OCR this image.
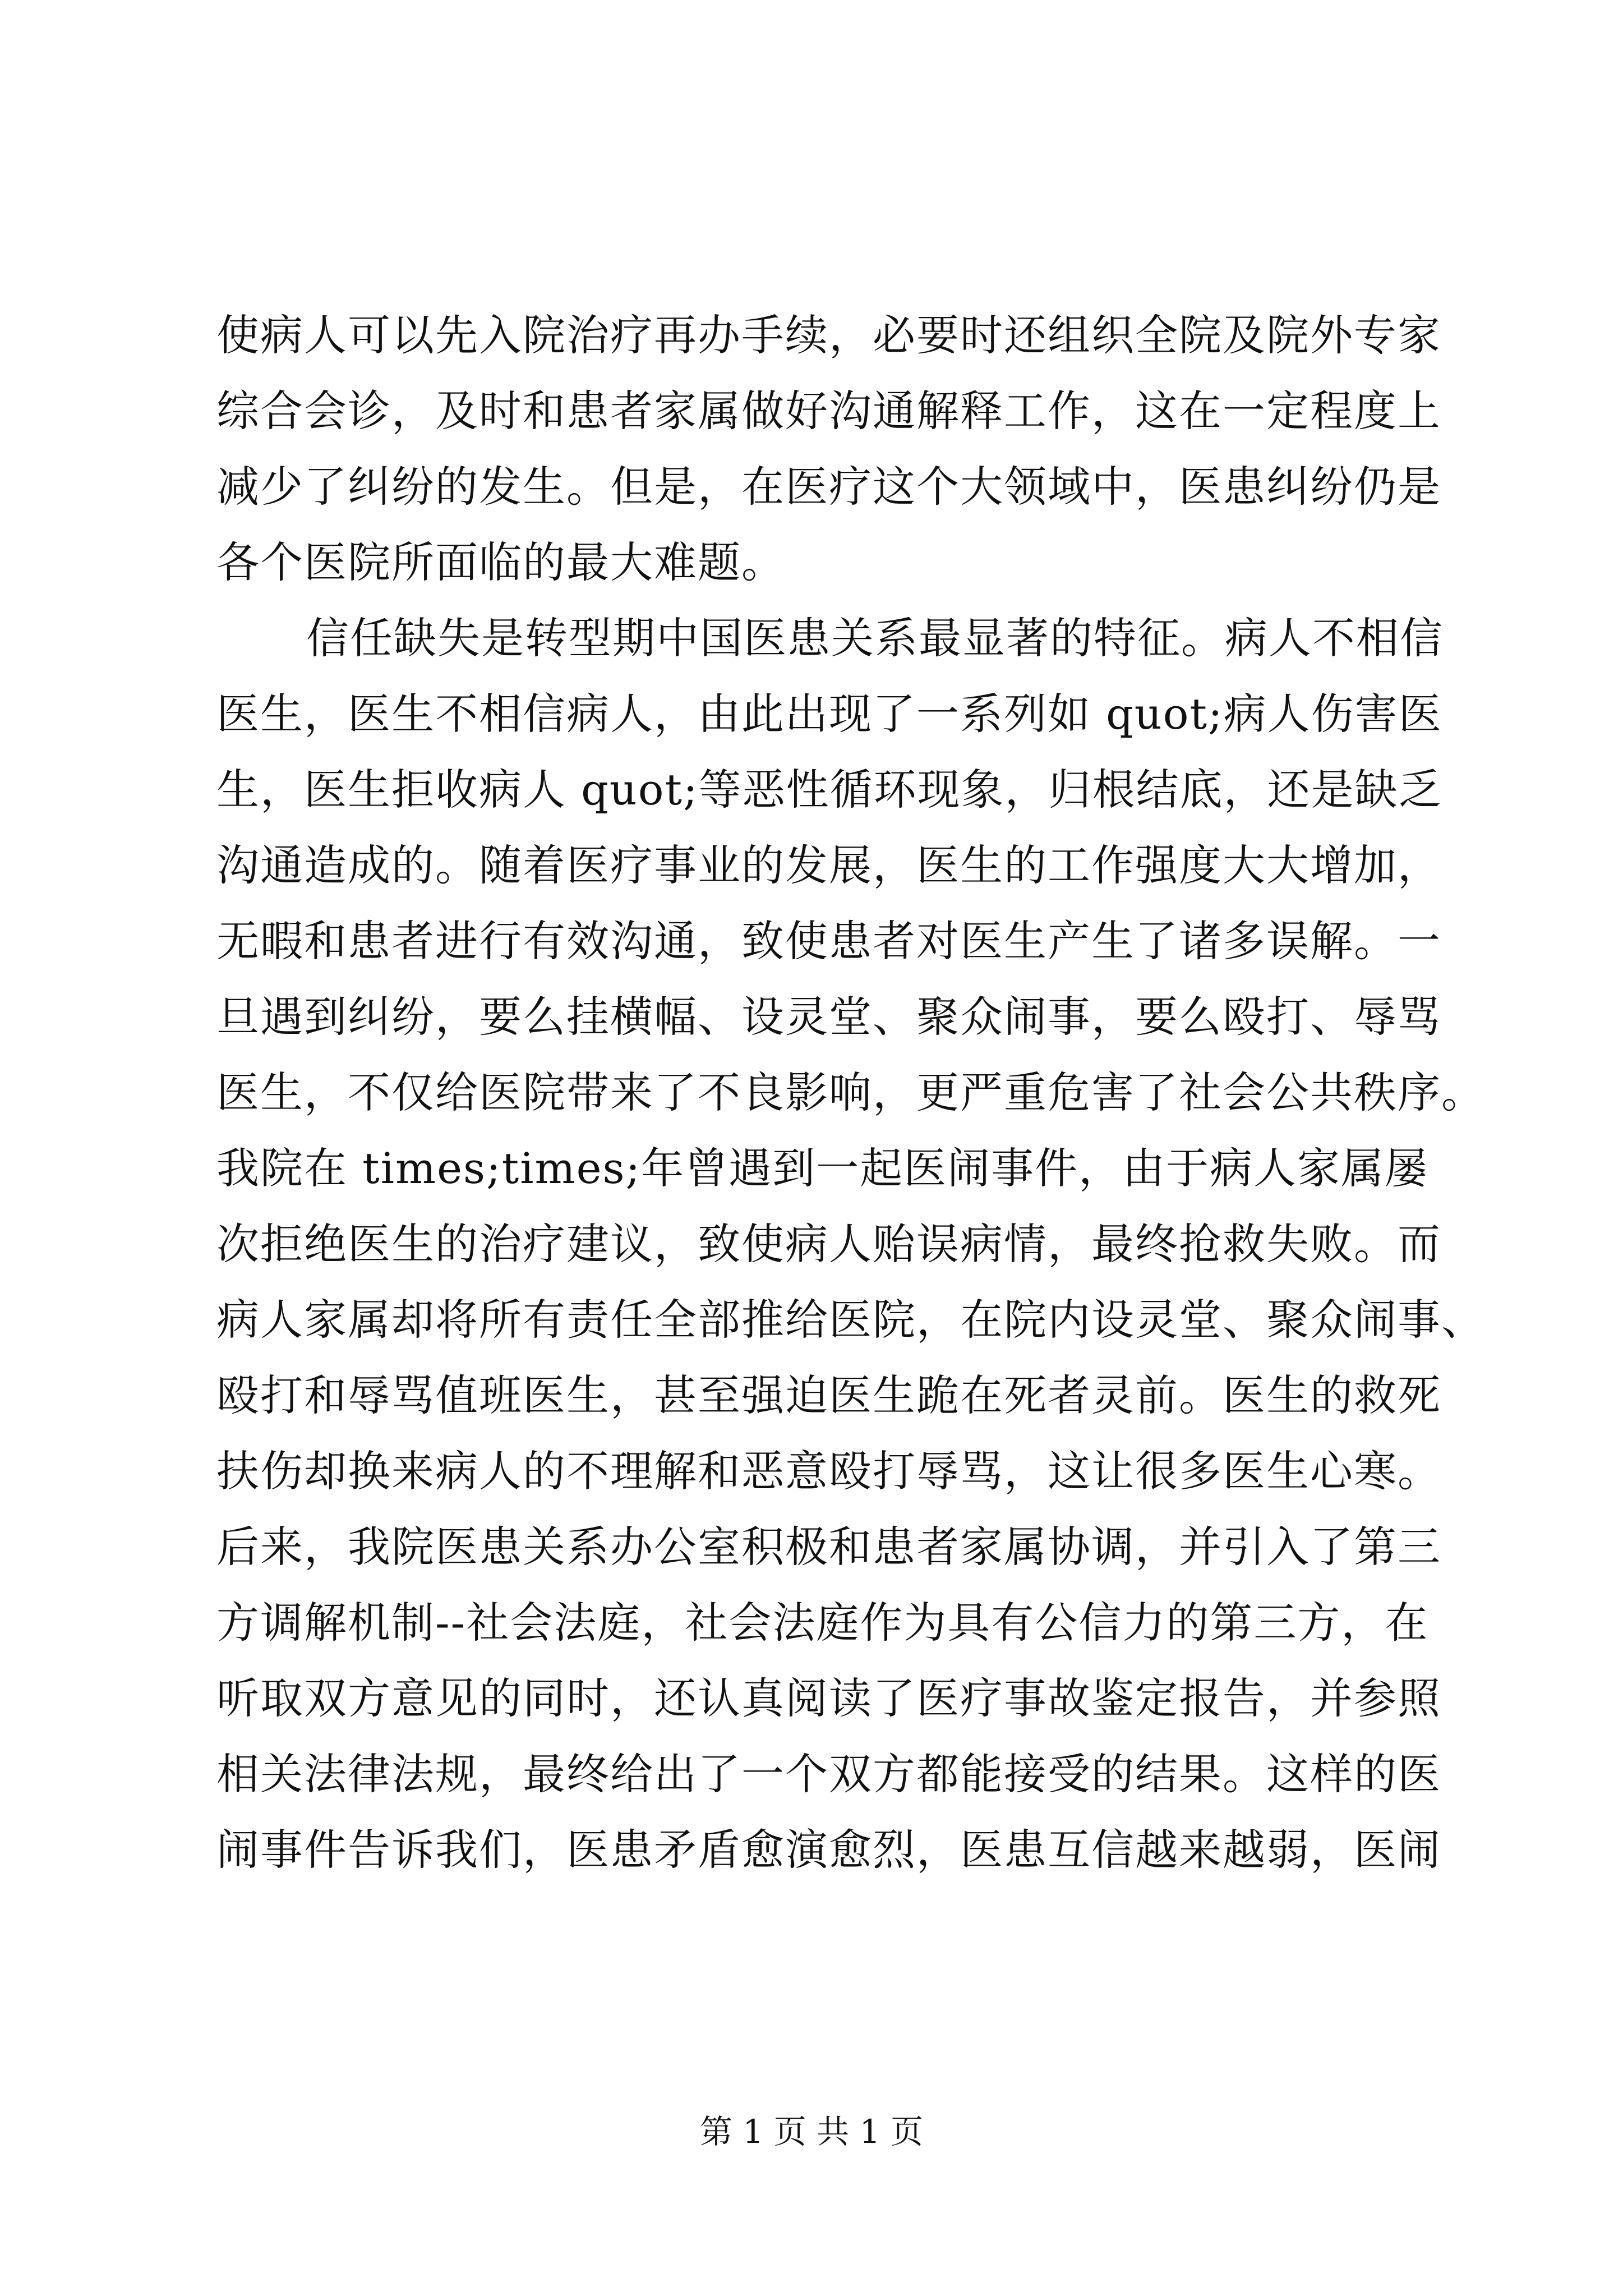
使病人可以先入院治疗再办手续，必要时还组织全院及院外专家
综合会诊，及时和患者家属做好沟通解释工作，这在一定程度上
减少了纠纷的发生。但是，在医疗这个大领域中，医患纠纷仍是
各个医院所面临的最大难题。
信任缺失是转型期中国医患关系最显著的特征。病人不相信
医生，医生不相信病人，由此出现了一系列如 quot;病人伤害医
生，医生拒收病人 quot;等恶性循环现象，归根结底，还是缺乏
沟通造成的。随着医疗事业的发展，医生的工作强度大大增加，
无暇和患者进行有效沟通，致使患者对医生产生了诸多误解。一
旦遇到纠纷，要么挂横幅、设灵堂、聚众闹事，要么殴打、辱骂
医生，不仅给医院带来了不良影响，更严重危害了社会公共秩序。
我院在 times;times;年曾遇到一起医闹事件，由于病人家属屡
次拒绝医生的治疗建议，致使病人贻误病情，最终抢救失败。而
病人家属却将所有责任全部推给医院，在院内设灵堂、聚众闹事、
殴打和辱骂值班医生，甚至强迫医生跪在死者灵前。医生的救死
扶伤却换来病人的不理解和恶意殴打辱骂，这让很多医生心寒。
后来，我院医患关系办公室积极和患者家属协调，并引入了第三
方调解机制--社会法庭，社会法庭作为具有公信力的第三方，在
听取双方意见的同时，还认真阅读了医疗事故鉴定报告，并参照
相关法律法规，最终给出了一个双方都能接受的结果。这样的医
闹事件告诉我们，医患矛盾愈演愈烈，医患互信越来越弱，医闹
第 1 页 共 1 页
